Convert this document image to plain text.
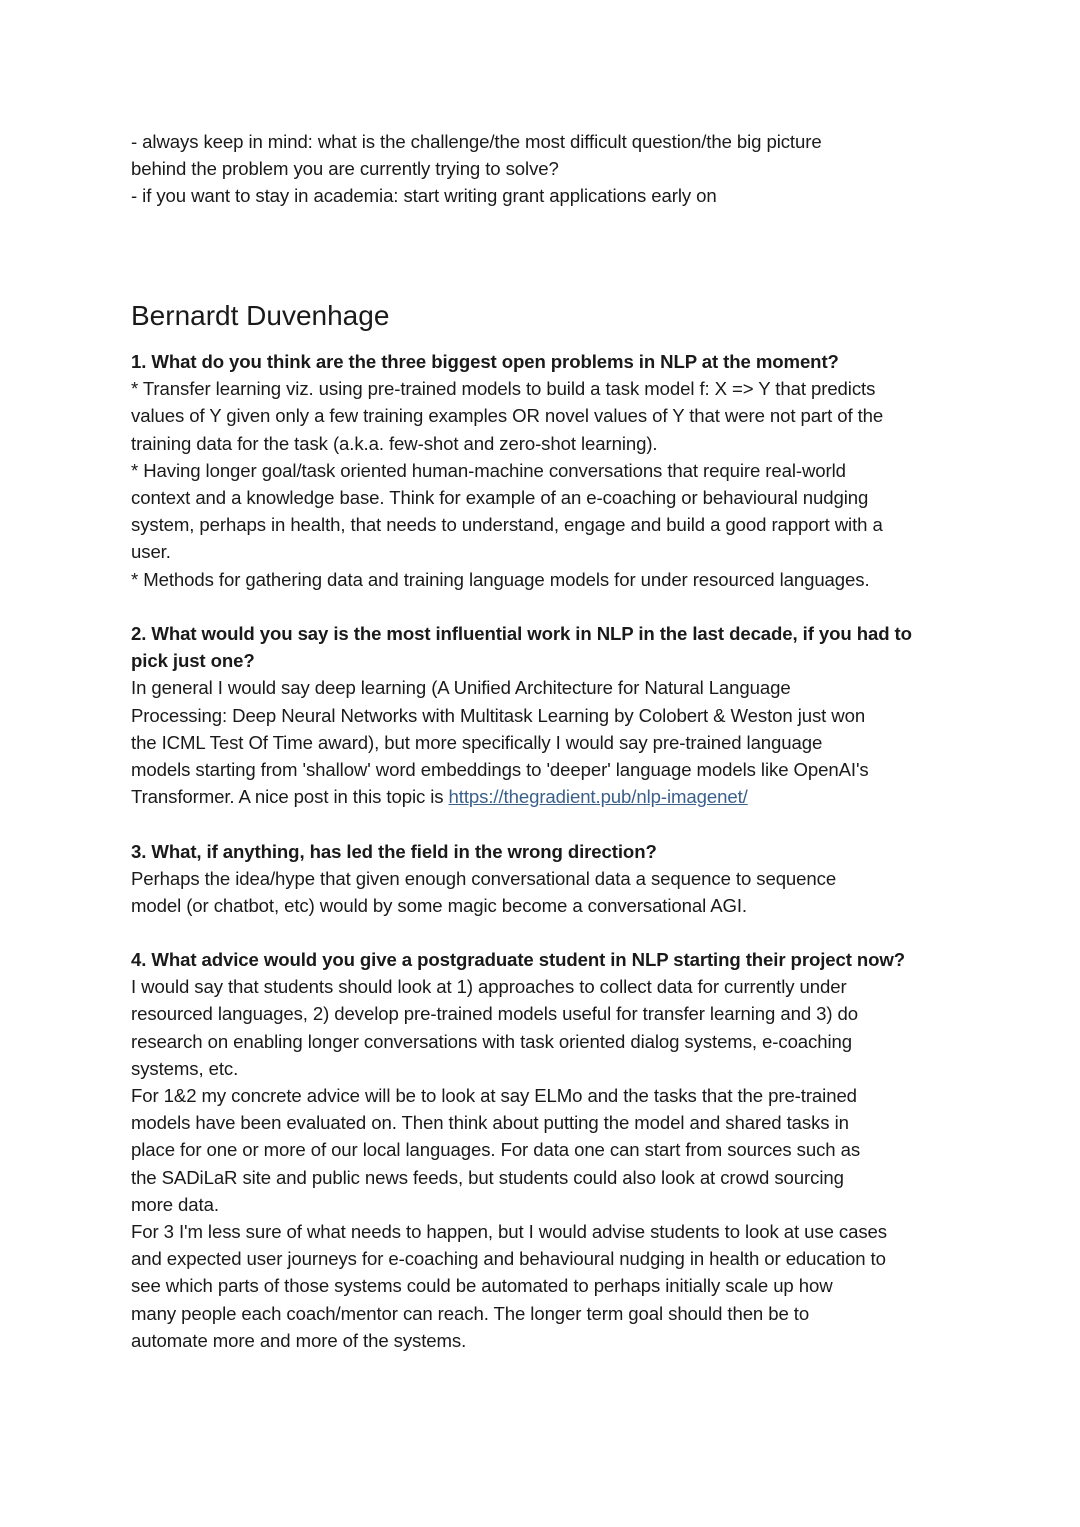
- always keep in mind: what is the challenge/the most difficult question/the big picture

behind the problem you are currently trying to solve?

- if you want to stay in academia: start writing grant applications early on

Bernardt Duvenhage

1. What do you think are the three biggest open problems in NLP at the moment?

* Transfer learning viz. using pre-trained models to build a task model f: X => Y that predicts

values of Y given only a few training examples OR novel values of Y that were not part of the

training data for the task (a.k.a. few-shot and zero-shot learning).

* Having longer goal/task oriented human-machine conversations that require real-world

context and a knowledge base. Think for example of an e-coaching or behavioural nudging

system, perhaps in health, that needs to understand, engage and build a good rapport with a

user.

* Methods for gathering data and training language models for under resourced languages.

2. What would you say is the most influential work in NLP in the last decade, if you had to

pick just one?

In general I would say deep learning (A Unified Architecture for Natural Language

Processing: Deep Neural Networks with Multitask Learning by Colobert & Weston just won

the ICML Test Of Time award), but more specifically I would say pre-trained language

models starting from 'shallow' word embeddings to 'deeper' language models like OpenAI's

Transformer. A nice post in this topic is https://thegradient.pub/nlp-imagenet/

3. What, if anything, has led the field in the wrong direction?

Perhaps the idea/hype that given enough conversational data a sequence to sequence

model (or chatbot, etc) would by some magic become a conversational AGI.

4. What advice would you give a postgraduate student in NLP starting their project now?

I would say that students should look at 1) approaches to collect data for currently under

resourced languages, 2) develop pre-trained models useful for transfer learning and 3) do

research on enabling longer conversations with task oriented dialog systems, e-coaching

systems, etc.

For 1&2 my concrete advice will be to look at say ELMo and the tasks that the pre-trained

models have been evaluated on. Then think about putting the model and shared tasks in

place for one or more of our local languages. For data one can start from sources such as

the SADiLaR site and public news feeds, but students could also look at crowd sourcing

more data.

For 3 I'm less sure of what needs to happen, but I would advise students to look at use cases

and expected user journeys for e-coaching and behavioural nudging in health or education to

see which parts of those systems could be automated to perhaps initially scale up how

many people each coach/mentor can reach. The longer term goal should then be to

automate more and more of the systems.
